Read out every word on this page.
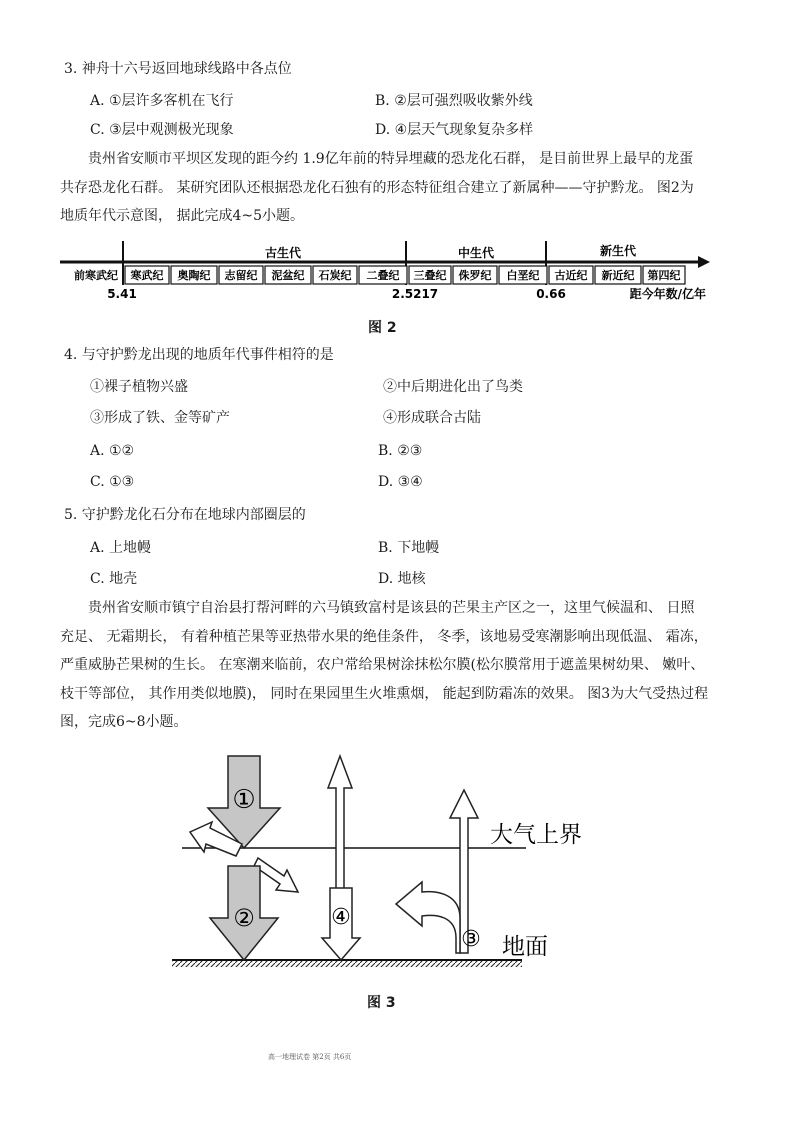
3. 神舟十六号返回地球线路中各点位
A. ①层许多客机在飞行	B. ②层可强烈吸收紫外线
C. ③层中观测极光现象	D. ④层天气现象复杂多样
贵州省安顺市平坝区发现的距今约 1.9亿年前的特异埋藏的恐龙化石群， 是目前世界上最早的龙蛋
共存恐龙化石群。 某研究团队还根据恐龙化石独有的形态特征组合建立了新属种——守护黔龙。 图2为
地质年代示意图， 据此完成4~5小题。
古生代	中生代	新生代
前寒武纪 寒武纪 奥陶纪 志留纪 泥盆纪 石炭纪 二叠纪 三叠纪 侏罗纪 白垩纪 古近纪 新近纪 第四纪
5.41	2.5217	0.66	距今年数/亿年
图 2
4. 与守护黔龙出现的地质年代事件相符的是
①裸子植物兴盛	②中后期进化出了鸟类
③形成了铁、金等矿产	④形成联合古陆
A. ①②	B. ②③
C. ①③	D. ③④
5. 守护黔龙化石分布在地球内部圈层的
A. 上地幔	B. 下地幔
C. 地壳	D. 地核
贵州省安顺市镇宁自治县打帮河畔的六马镇致富村是该县的芒果主产区之一，这里气候温和、 日照
充足、 无霜期长， 有着种植芒果等亚热带水果的绝佳条件， 冬季，该地易受寒潮影响出现低温、 霜冻，
严重威胁芒果树的生长。 在寒潮来临前，农户常给果树涂抹松尔膜(松尔膜常用于遮盖果树幼果、 嫩叶、
枝干等部位， 其作用类似地膜)， 同时在果园里生火堆熏烟， 能起到防霜冻的效果。 图3为大气受热过程
图，完成6~8小题。
①
②
③
④
大气上界
地面
图 3
高一地理试卷 第2页 共6页
